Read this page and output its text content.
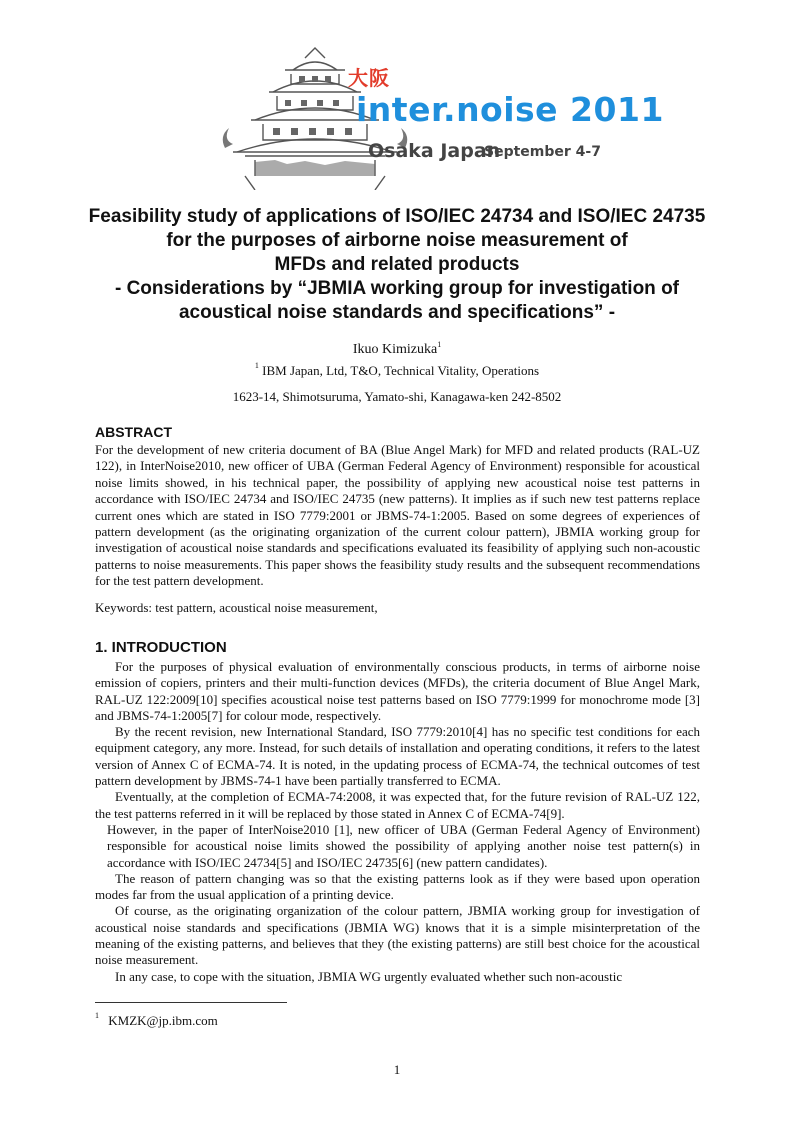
大阪
inter.noise 2011
Osaka Japan
September 4-7
Feasibility study of applications of ISO/IEC 24734 and ISO/IEC 24735
for the purposes of airborne noise measurement of
MFDs and related products
- Considerations by “JBMIA working group for investigation of
acoustical noise standards and specifications” -
Ikuo Kimizuka$^1$
$^1$ IBM Japan, Ltd, T&O, Technical Vitality, Operations
1623-14, Shimotsuruma, Yamato-shi, Kanagawa-ken 242-8502
ABSTRACT
For the development of new criteria document of BA (Blue Angel Mark) for MFD and related products (RAL-UZ 122), in InterNoise2010, new officer of UBA (German Federal Agency of Environment) responsible for acoustical noise limits showed, in his technical paper, the possibility of applying new acoustical noise test patterns in accordance with ISO/IEC 24734 and ISO/IEC 24735 (new patterns). It implies as if such new test patterns replace current ones which are stated in ISO 7779:2001 or JBMS-74-1:2005. Based on some degrees of experiences of pattern development (as the originating organization of the current colour pattern), JBMIA working group for investigation of acoustical noise standards and specifications evaluated its feasibility of applying such non-acoustic patterns to noise measurements. This paper shows the feasibility study results and the subsequent recommendations for the test pattern development.
Keywords: test pattern, acoustical noise measurement,
1. INTRODUCTION

For the purposes of physical evaluation of environmentally conscious products, in terms of airborne noise emission of copiers, printers and their multi-function devices (MFDs), the criteria document of Blue Angel Mark, RAL-UZ 122:2009[10] specifies acoustical noise test patterns based on ISO 7779:1999 for monochrome mode [3] and JBMS-74-1:2005[7] for colour mode, respectively.

By the recent revision, new International Standard, ISO 7779:2010[4] has no specific test conditions for each equipment category, any more. Instead, for such details of installation and operating conditions, it refers to the latest version of Annex C of ECMA-74. It is noted, in the updating process of ECMA-74, the technical outcomes of test pattern development by JBMS-74-1 have been partially transferred to ECMA.

Eventually, at the completion of ECMA-74:2008, it was expected that, for the future revision of RAL-UZ 122, the test patterns referred in it will be replaced by those stated in Annex C of ECMA-74[9].

However, in the paper of InterNoise2010 [1], new officer of UBA (German Federal Agency of Environment) responsible for acoustical noise limits showed the possibility of applying another noise test pattern(s) in accordance with ISO/IEC 24734[5] and ISO/IEC 24735[6] (new pattern candidates).

The reason of pattern changing was so that the existing patterns look as if they were based upon operation modes far from the usual application of a printing device.

Of course, as the originating organization of the colour pattern, JBMIA working group for investigation of acoustical noise standards and specifications (JBMIA WG) knows that it is a simple misinterpretation of the meaning of the existing patterns, and believes that they (the existing patterns) are still best choice for the acoustical noise measurement.

In any case, to cope with the situation, JBMIA WG urgently evaluated whether such non-acoustic

$^1$ KMZK@jp.ibm.com
1
